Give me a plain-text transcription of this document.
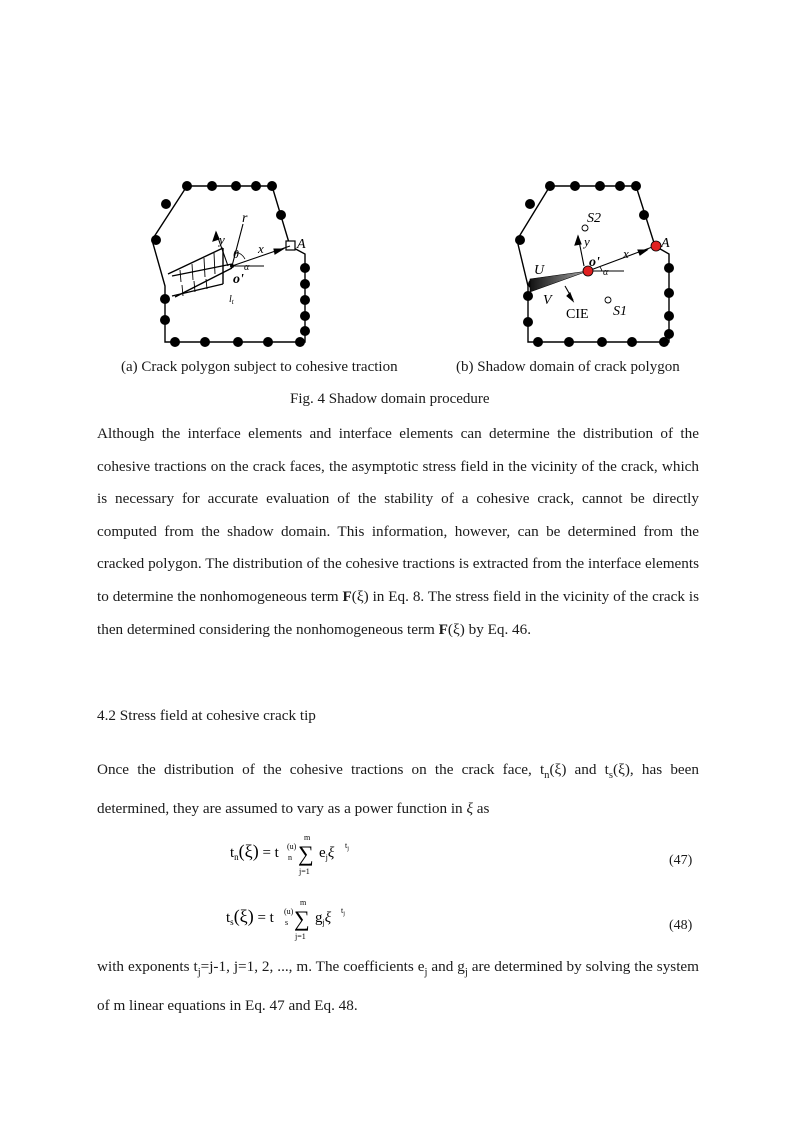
r
y
x
θ
α
o'
A
$l_t$
S2
S1
y
x
o'
α
A
U
V
CIE
(a) Crack polygon subject to cohesive traction	(b) Shadow domain of crack polygon
Fig. 4 Shadow domain procedure

Although the interface elements and interface elements can determine the distribution of the cohesive tractions on the crack faces, the asymptotic stress field in the vicinity of the crack, which is necessary for accurate evaluation of the stability of a cohesive crack, cannot be directly computed from the shadow domain. This information, however, can be determined from the cracked polygon. The distribution of the cohesive tractions is extracted from the interface elements to determine the nonhomogeneous term F(ξ) in Eq. 8. The stress field in the vicinity of the crack is then determined considering the nonhomogeneous term F(ξ) by Eq. 46.

4.2 Stress field at cohesive crack tip

Once the distribution of the cohesive tractions on the crack face, $t_n(\xi)$ and $t_s(\xi)$, has been determined, they are assumed to vary as a power function in ξ as

$t_n(\xi) = t$ (u)
n
m
∑
j=1
$e_j\xi$ $t_j$
(47)
$t_s(\xi) = t$ (u)
s
m
∑
j=1
$g_j\xi$ $t_j$
(48)

with exponents $t_j=j-1$, j=1, 2, ..., m. The coefficients $e_j$ and $g_j$ are determined by solving the system of m linear equations in Eq. 47 and Eq. 48.
